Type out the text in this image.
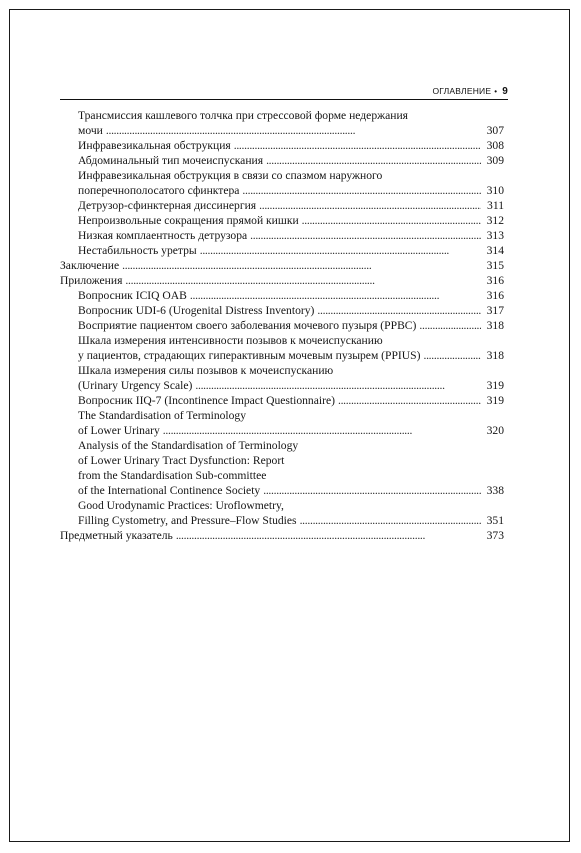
ОГЛАВЛЕНИЕ • 9
Трансмиссия кашлевого толчка при стрессовой форме недержания
мочи . . .	307
Инфравезикальная обструкция . . .	308
Абдоминальный тип мочеиспускания . . .	309
Инфравезикальная обструкция в связи со спазмом наружного
поперечнополосатого сфинктера . . .	310
Детрузор-сфинктерная диссинергия . . .	311
Непроизвольные сокращения прямой кишки . . .	312
Низкая комплаентность детрузора . . .	313
Нестабильность уретры . . .	314
Заключение . . .	315
Приложения . . .	316
Вопросник ICIQ OAB . . .	316
Вопросник UDI-6 (Urogenital Distress Inventory) . . .	317
Восприятие пациентом своего заболевания мочевого пузыря (PPBC) . . .	318
Шкала измерения интенсивности позывов к мочеиспусканию
у пациентов, страдающих гиперактивным мочевым пузырем (PPIUS) . . .	318
Шкала измерения силы позывов к мочеиспусканию
(Urinary Urgency Scale) . . .	319
Вопросник IIQ-7 (Incontinence Impact Questionnaire) . . .	319
The Standardisation of Terminology
of Lower Urinary . . .	320
Analysis of the Standardisation of Terminology
of Lower Urinary Tract Dysfunction: Report
from the Standardisation Sub-committee
of the International Continence Society . . .	338
Good Urodynamic Practices: Uroflowmetry,
Filling Cystometry, and Pressure–Flow Studies . . .	351
Предметный указатель . . .	373
